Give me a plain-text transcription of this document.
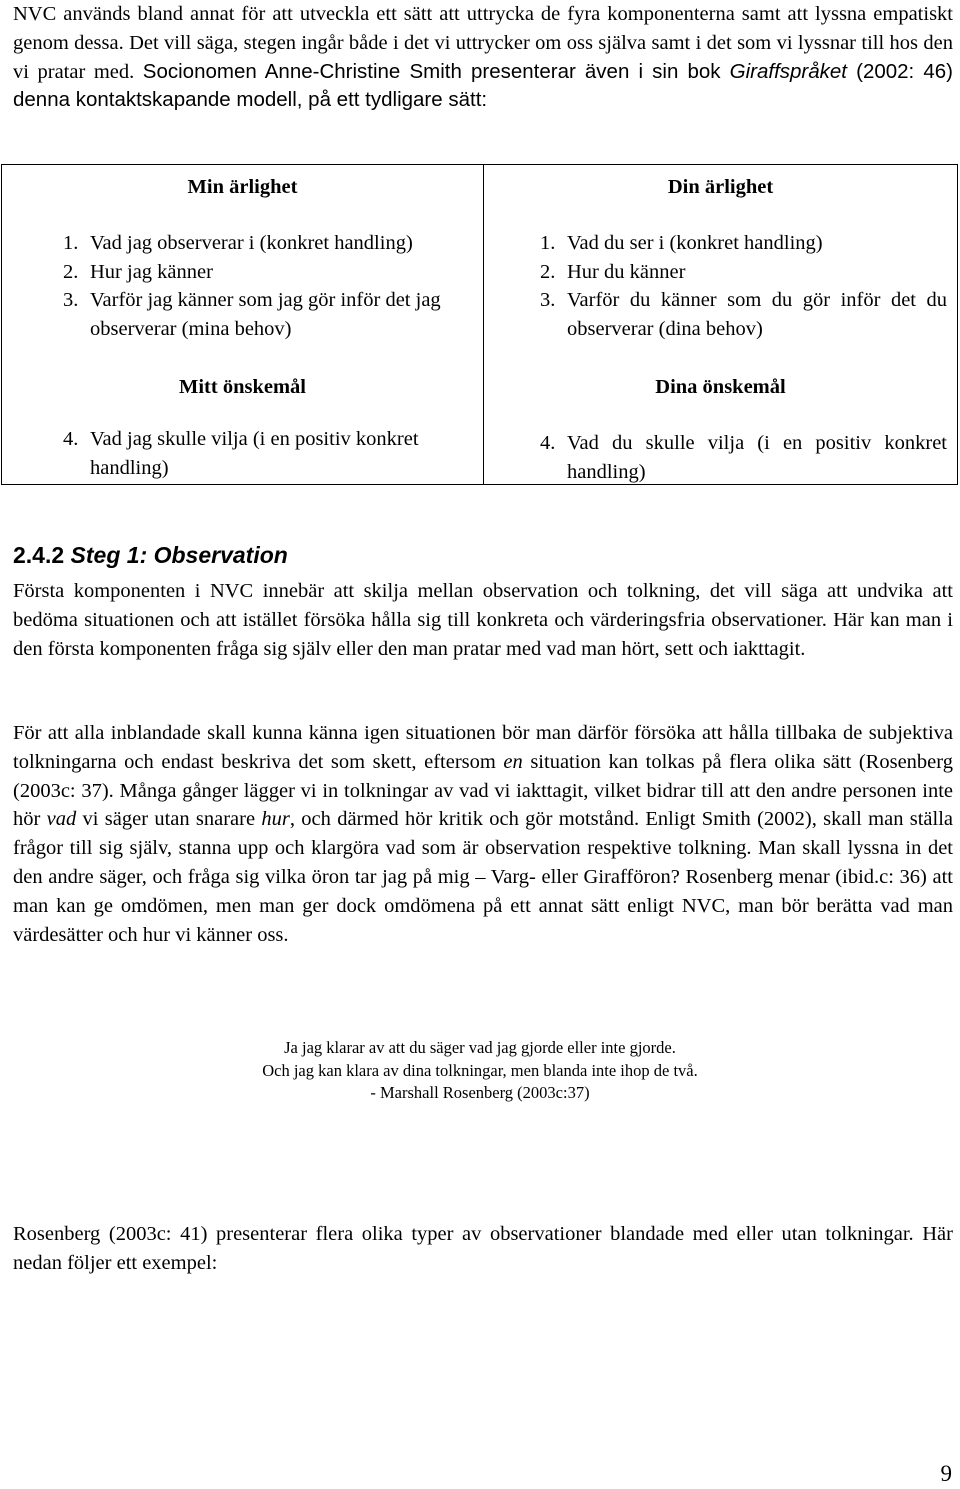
NVC används bland annat för att utveckla ett sätt att uttrycka de fyra komponenterna samt att lyssna empatiskt genom dessa. Det vill säga, stegen ingår både i det vi uttrycker om oss själva samt i det som vi lyssnar till hos den vi pratar med. Socionomen Anne-Christine Smith presenterar även i sin bok Giraffspråket (2002: 46) denna kontaktskapande modell, på ett tydligare sätt:

Min ärlighet
1. Vad jag observerar i (konkret handling)
2. Hur jag känner
3. Varför jag känner som jag gör inför det jag observerar (mina behov)
Mitt önskemål
4. Vad jag skulle vilja (i en positiv konkret handling)
Din ärlighet
1. Vad du ser i (konkret handling)
2. Hur du känner
3. Varför du känner som du gör inför det du observerar (dina behov)
Dina önskemål
4. Vad du skulle vilja (i en positiv konkret handling)
2.4.2 Steg 1: Observation

Första komponenten i NVC innebär att skilja mellan observation och tolkning, det vill säga att undvika att bedöma situationen och att istället försöka hålla sig till konkreta och värderingsfria observationer. Här kan man i den första komponenten fråga sig själv eller den man pratar med vad man hört, sett och iakttagit.

För att alla inblandade skall kunna känna igen situationen bör man därför försöka att hålla tillbaka de subjektiva tolkningarna och endast beskriva det som skett, eftersom en situation kan tolkas på flera olika sätt (Rosenberg (2003c: 37). Många gånger lägger vi in tolkningar av vad vi iakttagit, vilket bidrar till att den andre personen inte hör vad vi säger utan snarare hur, och därmed hör kritik och gör motstånd. Enligt Smith (2002), skall man ställa frågor till sig själv, stanna upp och klargöra vad som är observation respektive tolkning. Man skall lyssna in det den andre säger, och fråga sig vilka öron tar jag på mig – Varg- eller Girafföron? Rosenberg menar (ibid.c: 36) att man kan ge omdömen, men man ger dock omdömena på ett annat sätt enligt NVC, man bör berätta vad man värdesätter och hur vi känner oss.

Ja jag klarar av att du säger vad jag gjorde eller inte gjorde.
Och jag kan klara av dina tolkningar, men blanda inte ihop de två.
- Marshall Rosenberg (2003c:37)

Rosenberg (2003c: 41) presenterar flera olika typer av observationer blandade med eller utan tolkningar. Här nedan följer ett exempel:

9
